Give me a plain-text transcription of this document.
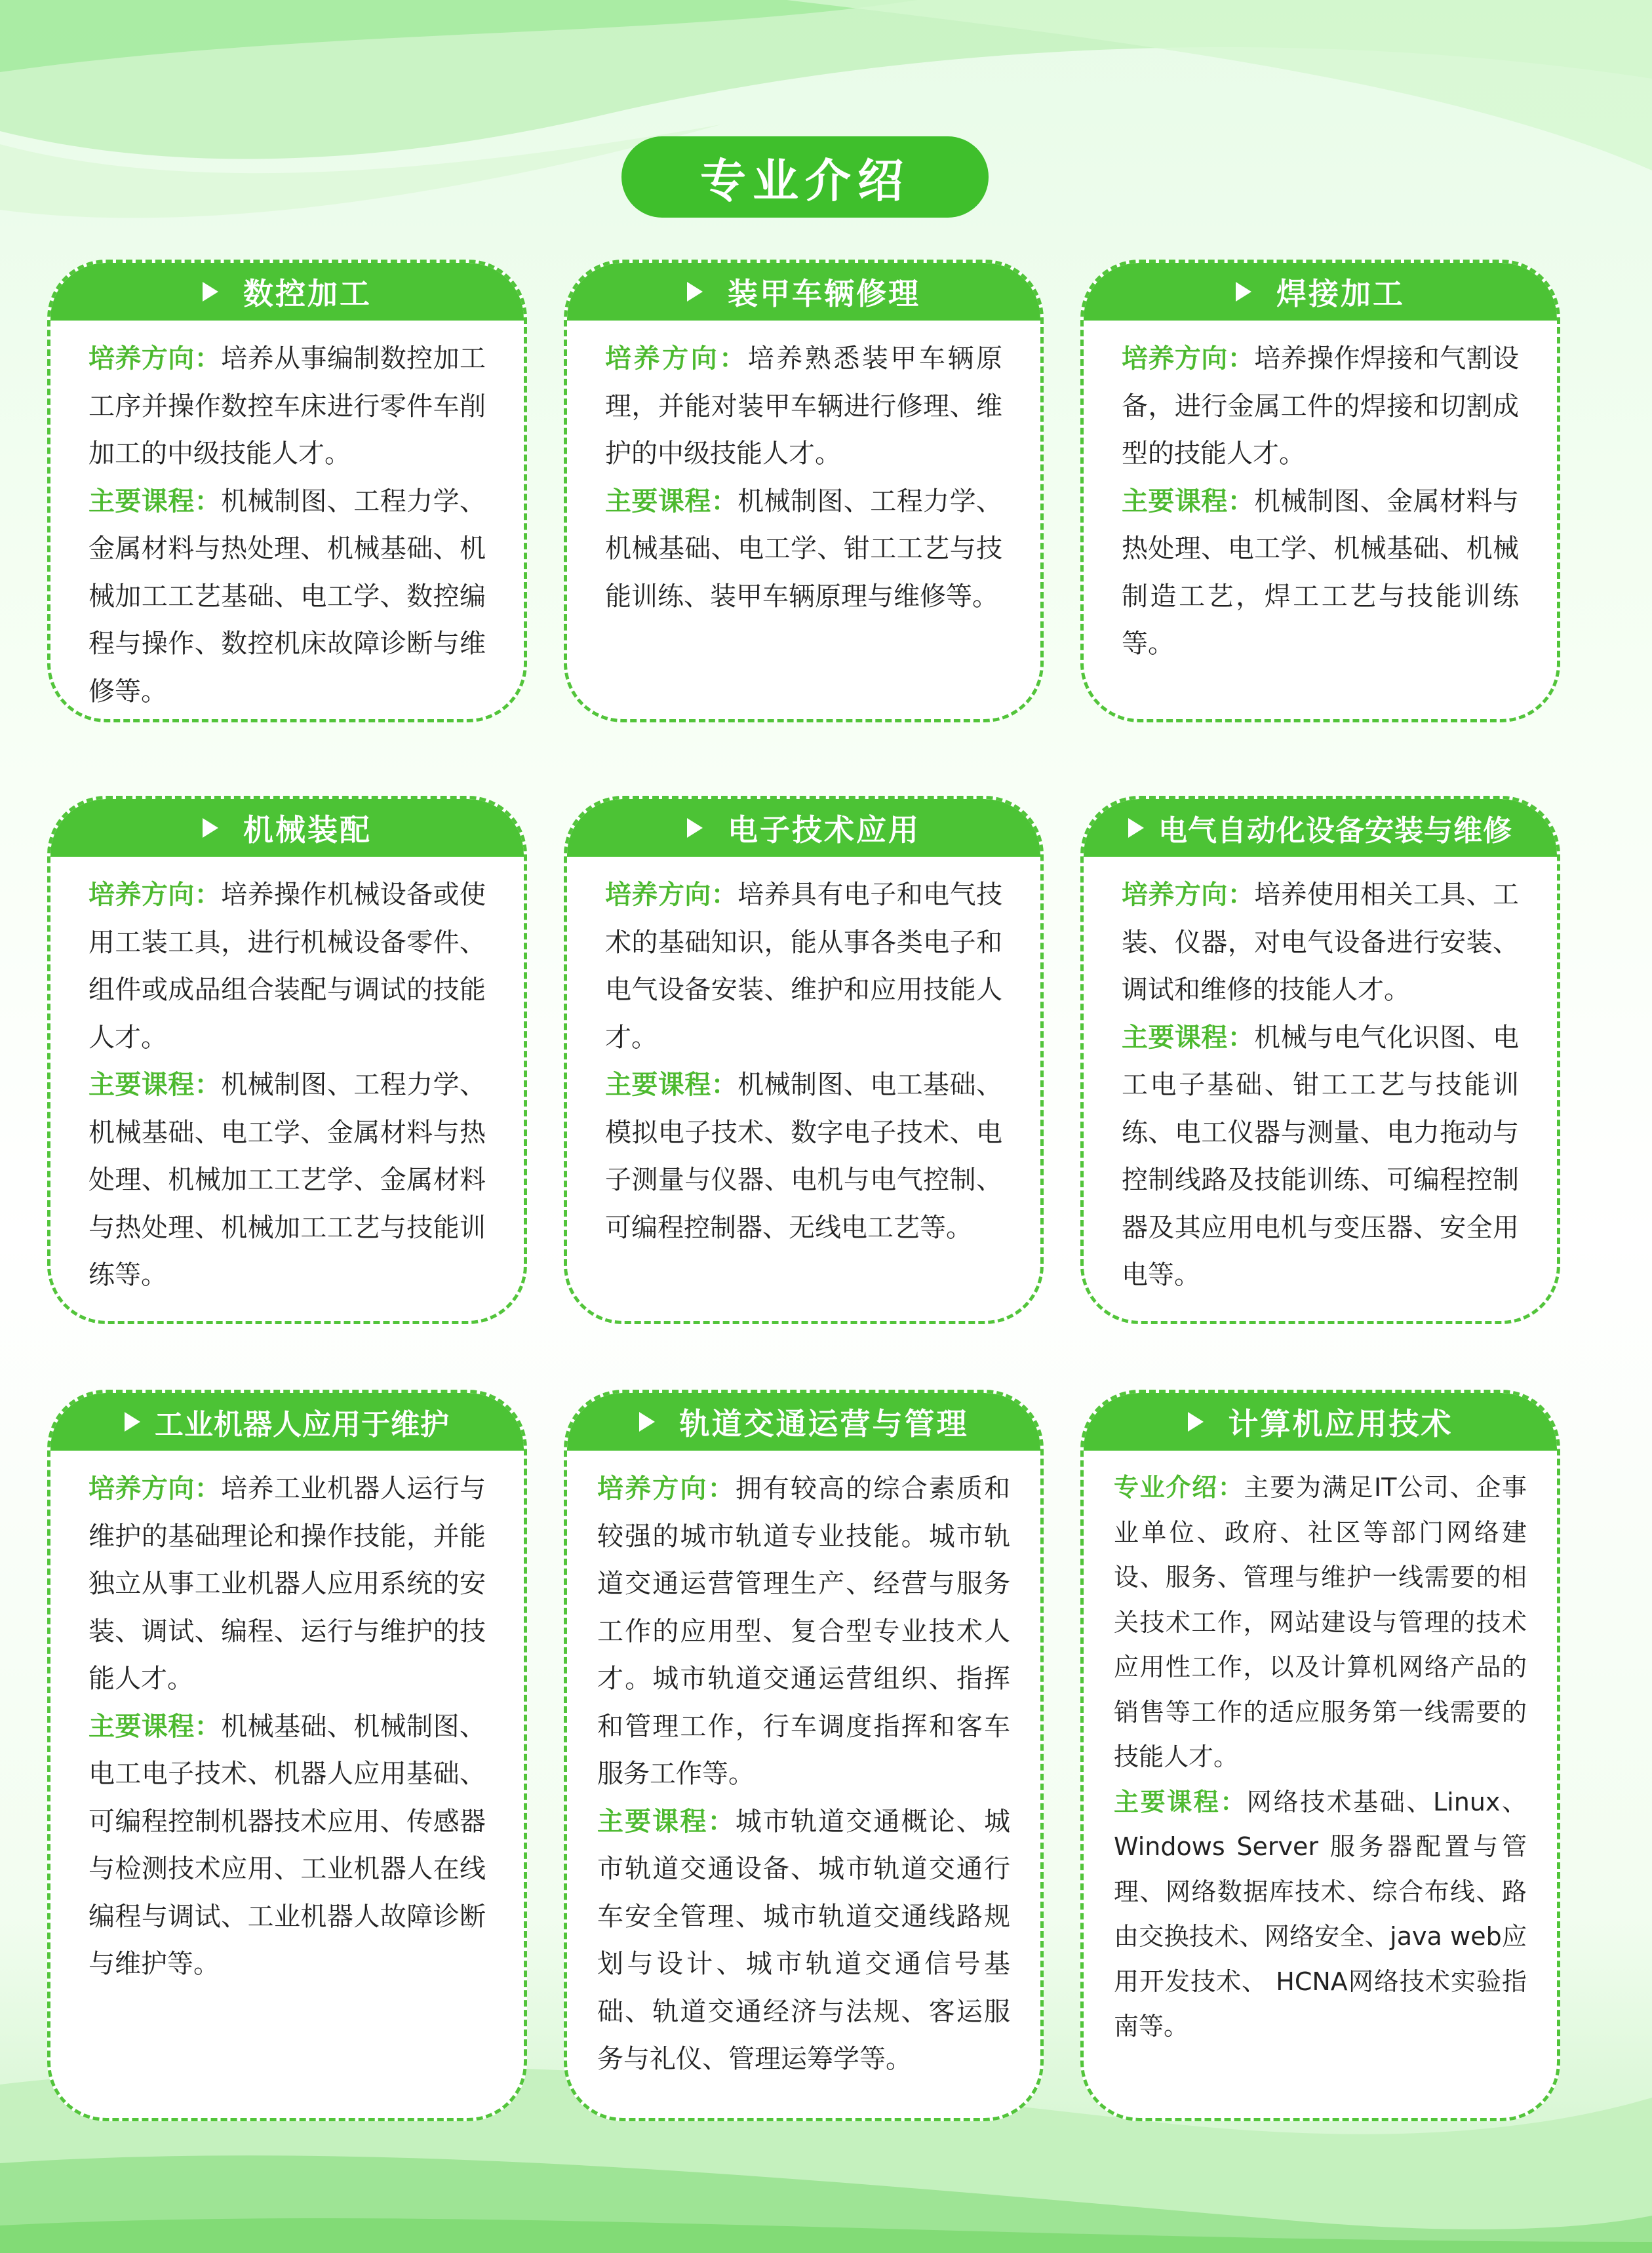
专业介绍
数控加工

培养方向：培养从事编制数控加工工序并操作数控车床进行零件车削加工的中级技能人才。

主要课程：机械制图、工程力学、金属材料与热处理、机械基础、机械加工工艺基础、电工学、数控编程与操作、数控机床故障诊断与维修等。

装甲车辆修理

培养方向：培养熟悉装甲车辆原理，并能对装甲车辆进行修理、维护的中级技能人才。

主要课程：机械制图、工程力学、机械基础、电工学、钳工工艺与技能训练、装甲车辆原理与维修等。

焊接加工

培养方向：培养操作焊接和气割设备，进行金属工件的焊接和切割成型的技能人才。

主要课程：机械制图、金属材料与热处理、电工学、机械基础、机械制造工艺，焊工工艺与技能训练等。

机械装配

培养方向：培养操作机械设备或使用工装工具，进行机械设备零件、组件或成品组合装配与调试的技能人才。

主要课程：机械制图、工程力学、 机械基础、电工学、金属材料与热处理、机械加工工艺学、金属材料与热处理、机械加工工艺与技能训练等。

电子技术应用

培养方向：培养具有电子和电气技术的基础知识，能从事各类电子和电气设备安装、维护和应用技能人才。

主要课程：机械制图、电工基础、模拟电子技术、数字电子技术、电子测量与仪器、电机与电气控制、可编程控制器、无线电工艺等。

电气自动化设备安装与维修

培养方向：培养使用相关工具、工装、仪器，对电气设备进行安装、调试和维修的技能人才。

主要课程：机械与电气化识图、电工电子基础、钳工工艺与技能训练、电工仪器与测量、电力拖动与控制线路及技能训练、可编程控制器及其应用电机与变压器、安全用电等。

工业机器人应用于维护

培养方向：培养工业机器人运行与维护的基础理论和操作技能，并能独立从事工业机器人应用系统的安装、调试、编程、运行与维护的技能人才。

主要课程：机械基础、机械制图、电工电子技术、机器人应用基础、可编程控制机器技术应用、传感器与检测技术应用、工业机器人在线编程与调试、工业机器人故障诊断与维护等。

轨道交通运营与管理

培养方向：拥有较高的综合素质和较强的城市轨道专业技能。城市轨道交通运营管理生产、经营与服务工作的应用型、复合型专业技术人才。城市轨道交通运营组织、指挥和管理工作，行车调度指挥和客车服务工作等。

主要课程：城市轨道交通概论、城市轨道交通设备、城市轨道交通行车安全管理、城市轨道交通线路规划与设计、城市轨道交通信号基础、轨道交通经济与法规、客运服务与礼仪、管理运筹学等。

计算机应用技术

专业介绍：主要为满足IT公司、企事业单位、政府、社区等部门网络建设、服务、管理与维护一线需要的相关技术工作，网站建设与管理的技术应用性工作，以及计算机网络产品的销售等工作的适应服务第一线需要的技能人才。

主要课程：网络技术基础、Linux、Windows Server 服务器配置与管理、网络数据库技术、综合布线、路由交换技术、网络安全、java web应用开发技术、 HCNA网络技术实验指南等。
